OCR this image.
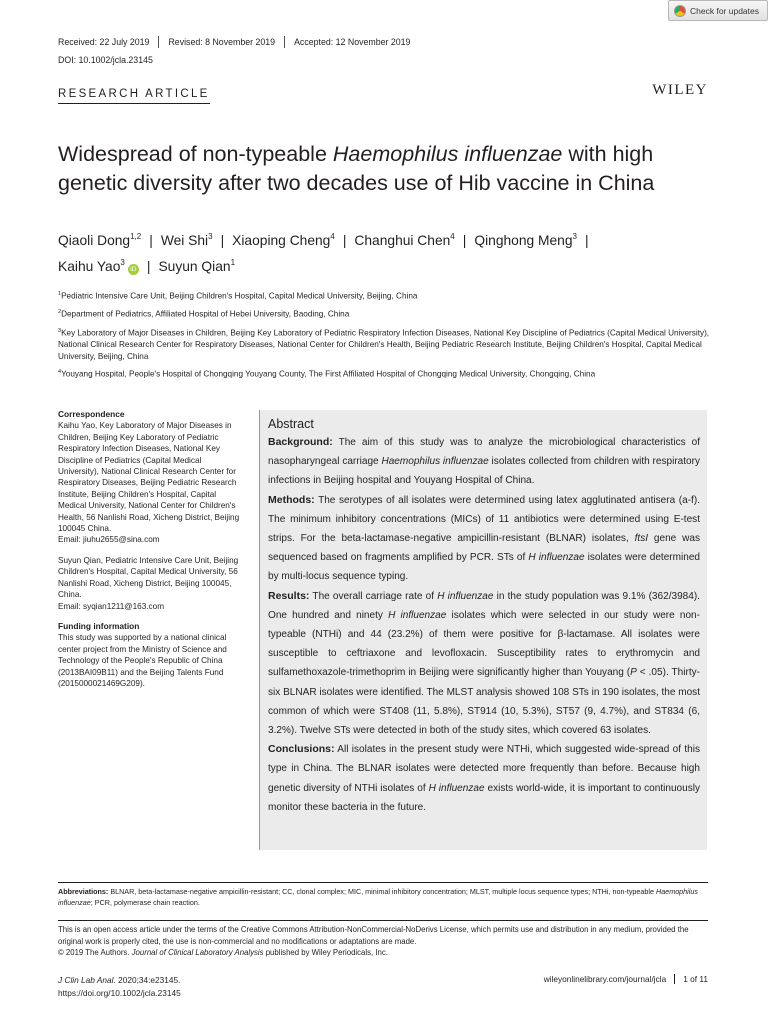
Check for updates
Received: 22 July 2019	Revised: 8 November 2019	Accepted: 12 November 2019
DOI: 10.1002/jcla.23145
RESEARCH ARTICLE	WILEY
Widespread of non-typeable Haemophilus influenzae with high genetic diversity after two decades use of Hib vaccine in China
Qiaoli Dong$^{1,2}$ | Wei Shi$^3$ | Xiaoping Cheng$^4$ | Changhui Chen$^4$ | Qinghong Meng$^3$ |
Kaihu Yao$^3$iD | Suyun Qian$^1$

$^1$Pediatric Intensive Care Unit, Beijing Children's Hospital, Capital Medical University, Beijing, China

$^2$Department of Pediatrics, Affiliated Hospital of Hebei University, Baoding, China

$^3$Key Laboratory of Major Diseases in Children, Beijing Key Laboratory of Pediatric Respiratory Infection Diseases, National Key Discipline of Pediatrics (Capital Medical University), National Clinical Research Center for Respiratory Diseases, National Center for Children's Health, Beijing Pediatric Research Institute, Beijing Children's Hospital, Capital Medical University, Beijing, China

$^4$Youyang Hospital, People's Hospital of Chongqing Youyang County, The First Affiliated Hospital of Chongqing Medical University, Chongqing, China

Correspondence

Kaihu Yao, Key Laboratory of Major Diseases in Children, Beijing Key Laboratory of Pediatric Respiratory Infection Diseases, National Key Discipline of Pediatrics (Capital Medical University), National Clinical Research Center for Respiratory Diseases, Beijing Pediatric Research Institute, Beijing Children's Hospital, Capital Medical University, National Center for Children's Health, 56 Nanlishi Road, Xicheng District, Beijing 100045 China.
Email: jiuhu2655@sina.com

Suyun Qian, Pediatric Intensive Care Unit, Beijing Children's Hospital, Capital Medical University, 56 Nanlishi Road, Xicheng District, Beijing 100045, China.
Email: syqian1211@163.com

Funding information

This study was supported by a national clinical center project from the Ministry of Science and Technology of the People's Republic of China (2013BAI09B11) and the Beijing Talents Fund (2015000021469G209).

Abstract

Background: The aim of this study was to analyze the microbiological characteristics of nasopharyngeal carriage Haemophilus influenzae isolates collected from children with respiratory infections in Beijing hospital and Youyang Hospital of China.

Methods: The serotypes of all isolates were determined using latex agglutinated antisera (a-f). The minimum inhibitory concentrations (MICs) of 11 antibiotics were determined using E-test strips. For the beta-lactamase-negative ampicillin-resistant (BLNAR) isolates, ftsI gene was sequenced based on fragments amplified by PCR. STs of H influenzae isolates were determined by multi-locus sequence typing.

Results: The overall carriage rate of H influenzae in the study population was 9.1% (362/3984). One hundred and ninety H influenzae isolates which were selected in our study were non-typeable (NTHi) and 44 (23.2%) of them were positive for β-lactamase. All isolates were susceptible to ceftriaxone and levofloxacin. Susceptibility rates to erythromycin and sulfamethoxazole-trimethoprim in Beijing were significantly higher than Youyang (P < .05). Thirty-six BLNAR isolates were identified. The MLST analysis showed 108 STs in 190 isolates, the most common of which were ST408 (11, 5.8%), ST914 (10, 5.3%), ST57 (9, 4.7%), and ST834 (6, 3.2%). Twelve STs were detected in both of the study sites, which covered 63 isolates.

Conclusions: All isolates in the present study were NTHi, which suggested wide-spread of this type in China. The BLNAR isolates were detected more frequently than before. Because high genetic diversity of NTHi isolates of H influenzae exists world-wide, it is important to continuously monitor these bacteria in the future.

Abbreviations: BLNAR, beta-lactamase-negative ampicillin-resistant; CC, clonal complex; MIC, minimal inhibitory concentration; MLST, multiple locus sequence types; NTHi, non-typeable Haemophilus influenzae; PCR, polymerase chain reaction.
This is an open access article under the terms of the Creative Commons Attribution-NonCommercial-NoDerivs License, which permits use and distribution in any medium, provided the original work is properly cited, the use is non-commercial and no modifications or adaptations are made.
© 2019 The Authors. Journal of Clinical Laboratory Analysis published by Wiley Periodicals, Inc.
J Clin Lab Anal. 2020;34:e23145.
https://doi.org/10.1002/jcla.23145
wileyonlinelibrary.com/journal/jcla	1 of 11
